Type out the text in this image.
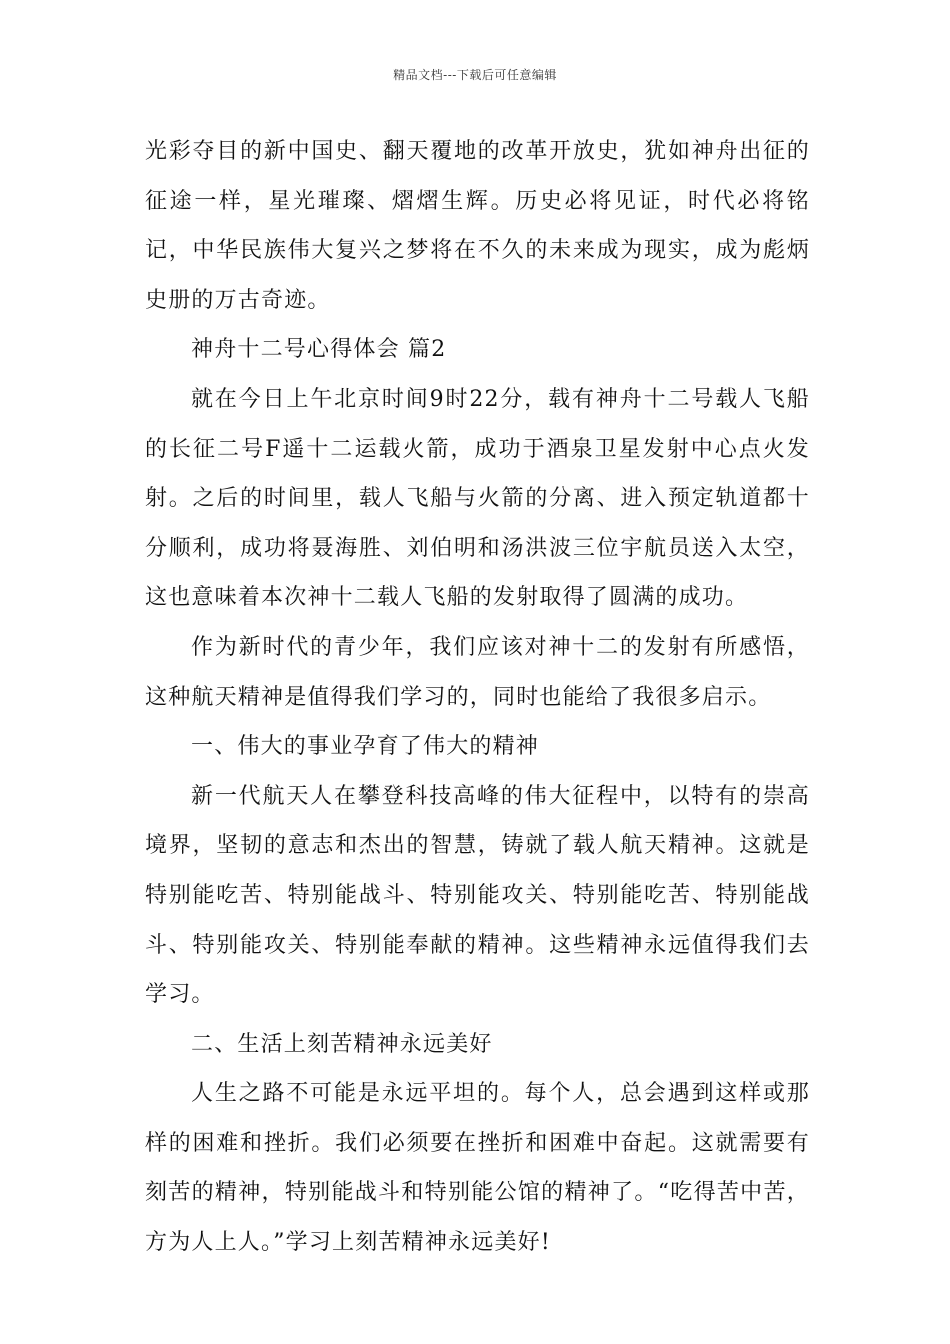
精品文档---下载后可任意编辑

光彩夺目的新中国史、翻天覆地的改革开放史，犹如神舟出征的征途一样，星光璀璨、熠熠生辉。历史必将见证，时代必将铭记，中华民族伟大复兴之梦将在不久的未来成为现实，成为彪炳史册的万古奇迹。

神舟十二号心得体会 篇2

就在今日上午北京时间9时22分，载有神舟十二号载人飞船的长征二号F遥十二运载火箭，成功于酒泉卫星发射中心点火发射。之后的时间里，载人飞船与火箭的分离、进入预定轨道都十分顺利，成功将聂海胜、刘伯明和汤洪波三位宇航员送入太空，这也意味着本次神十二载人飞船的发射取得了圆满的成功。

作为新时代的青少年，我们应该对神十二的发射有所感悟，这种航天精神是值得我们学习的，同时也能给了我很多启示。

一、伟大的事业孕育了伟大的精神

新一代航天人在攀登科技高峰的伟大征程中，以特有的崇高境界，坚韧的意志和杰出的智慧，铸就了载人航天精神。这就是特别能吃苦、特别能战斗、特别能攻关、特别能吃苦、特别能战斗、特别能攻关、特别能奉献的精神。这些精神永远值得我们去学习。

二、生活上刻苦精神永远美好

人生之路不可能是永远平坦的。每个人，总会遇到这样或那样的困难和挫折。我们必须要在挫折和困难中奋起。这就需要有刻苦的精神，特别能战斗和特别能公馆的精神了。“吃得苦中苦，方为人上人。”学习上刻苦精神永远美好!
